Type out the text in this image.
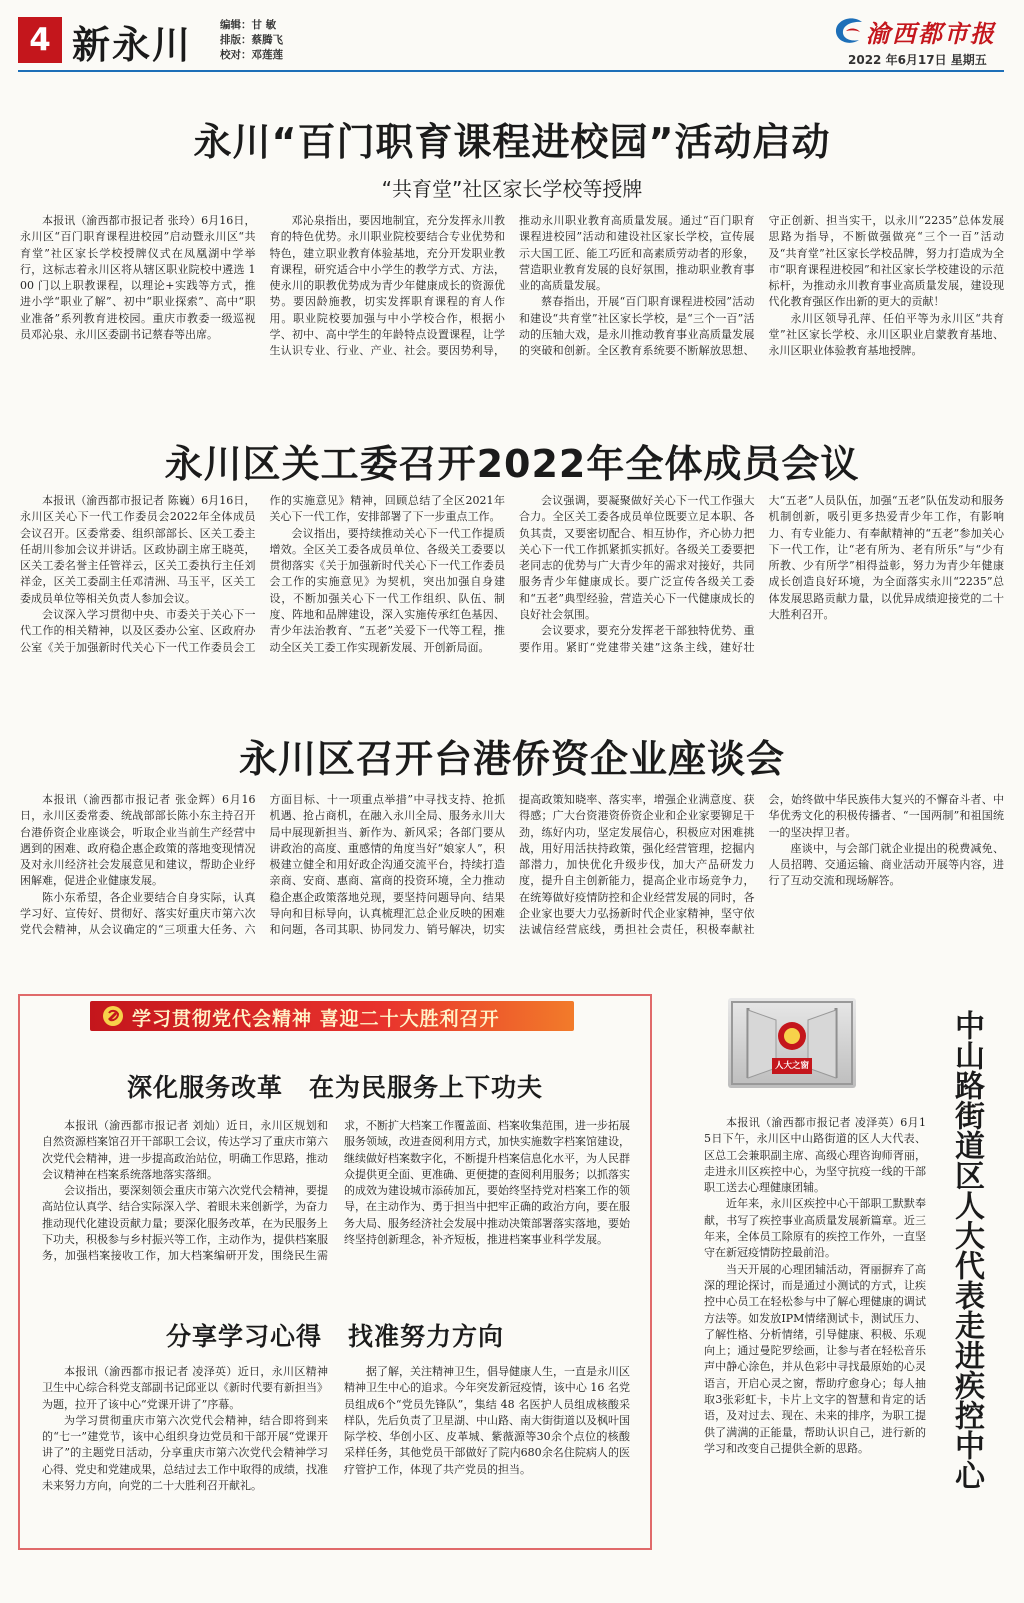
4 新永川	编辑：甘 敏
排版：蔡腾飞
校对：邓莲莲
渝西都市报
2022 年6月17日 星期五
永川“百门职育课程进校园”活动启动
“共育堂”社区家长学校等授牌

本报讯（渝西都市报记者 张玲）6月16日，永川区“百门职育课程进校园”启动暨永川区“共育堂”社区家长学校授牌仪式在凤凰湖中学举行，这标志着永川区将从辖区职业院校中遴选 100 门以上职教课程，以理论+实践等方式，推进小学“职业了解”、初中“职业探索”、高中“职业准备”系列教育进校园。重庆市教委一级巡视员邓沁泉、永川区委副书记蔡春等出席。

邓沁泉指出，要因地制宜，充分发挥永川教育的特色优势。永川职业院校要结合专业优势和特色，建立职业教育体验基地，充分开发职业教育课程，研究适合中小学生的教学方式、方法，使永川的职教优势成为青少年健康成长的资源优势。要因龄施教，切实发挥职育课程的育人作用。职业院校要加强与中小学校合作，根据小学、初中、高中学生的年龄特点设置课程，让学生认识专业、行业、产业、社会。要因势利导，推动永川职业教育高质量发展。通过“百门职育课程进校园”活动和建设社区家长学校，宣传展示大国工匠、能工巧匠和高素质劳动者的形象，营造职业教育发展的良好氛围，推动职业教育事业的高质量发展。

蔡春指出，开展“百门职育课程进校园”活动和建设“共育堂”社区家长学校，是“三个一百”活动的压轴大戏，是永川推动教育事业高质量发展的突破和创新。全区教育系统要不断解放思想、守正创新、担当实干，以永川“2235”总体发展思路为指导，不断做强做亮“三个一百”活动及“共育堂”社区家长学校品牌，努力打造成为全市“职育课程进校园”和社区家长学校建设的示范标杆，为推动永川教育事业高质量发展，建设现代化教育强区作出新的更大的贡献！

永川区领导孔萍、任伯平等为永川区“共育堂”社区家长学校、永川区职业启蒙教育基地、永川区职业体验教育基地授牌。

永川区关工委召开2022年全体成员会议

本报讯（渝西都市报记者 陈巍）6月16日，永川区关心下一代工作委员会2022年全体成员会议召开。区委常委、组织部部长、区关工委主任胡川参加会议并讲话。区政协副主席王晓英，区关工委名誉主任管祥云，区关工委执行主任刘祥金，区关工委副主任邓清洲、马玉平，区关工委成员单位等相关负责人参加会议。

会议深入学习贯彻中央、市委关于关心下一代工作的相关精神，以及区委办公室、区政府办公室《关于加强新时代关心下一代工作委员会工作的实施意见》精神，回顾总结了全区2021年关心下一代工作，安排部署了下一步重点工作。

会议指出，要持续推动关心下一代工作提质增效。全区关工委各成员单位、各级关工委要以贯彻落实《关于加强新时代关心下一代工作委员会工作的实施意见》为契机，突出加强自身建设，不断加强关心下一代工作组织、队伍、制度、阵地和品牌建设，深入实施传承红色基因、青少年法治教育、“五老”关爱下一代等工程，推动全区关工委工作实现新发展、开创新局面。

会议强调，要凝聚做好关心下一代工作强大合力。全区关工委各成员单位既要立足本职、各负其责，又要密切配合、相互协作，齐心协力把关心下一代工作抓紧抓实抓好。各级关工委要把老同志的优势与广大青少年的需求对接好，共同服务青少年健康成长。要广泛宣传各级关工委和“五老”典型经验，营造关心下一代健康成长的良好社会氛围。

会议要求，要充分发挥老干部独特优势、重要作用。紧盯“党建带关建”这条主线，建好壮大“五老”人员队伍，加强“五老”队伍发动和服务机制创新，吸引更多热爱青少年工作，有影响力、有专业能力、有奉献精神的“五老”参加关心下一代工作，让“老有所为、老有所乐”与“少有所教、少有所学”相得益彰，努力为青少年健康成长创造良好环境，为全面落实永川“2235”总体发展思路贡献力量，以优异成绩迎接党的二十大胜利召开。

永川区召开台港侨资企业座谈会

本报讯（渝西都市报记者 张金辉）6月16日，永川区委常委、统战部部长陈小东主持召开台港侨资企业座谈会，听取企业当前生产经营中遇到的困难、政府稳企惠企政策的落地变现情况及对永川经济社会发展意见和建议，帮助企业纾困解难，促进企业健康发展。

陈小东希望，各企业要结合自身实际，认真学习好、宣传好、贯彻好、落实好重庆市第六次党代会精神，从会议确定的“三项重大任务、六方面目标、十一项重点举措”中寻找支持、抢抓机遇、抢占商机，在融入永川全局、服务永川大局中展现新担当、新作为、新风采；各部门要从讲政治的高度、重感情的角度当好“娘家人”，积极建立健全和用好政企沟通交流平台，持续打造亲商、安商、惠商、富商的投资环境，全力推动稳企惠企政策落地兑现，要坚持问题导向、结果导向和目标导向，认真梳理汇总企业反映的困难和问题，各司其职、协同发力、销号解决，切实提高政策知晓率、落实率，增强企业满意度、获得感；广大台资港资侨资企业和企业家要铆足干劲，练好内功，坚定发展信心，积极应对困难挑战，用好用活扶持政策，强化经营管理，挖掘内部潜力，加快优化升级步伐，加大产品研发力度，提升自主创新能力，提高企业市场竞争力，在统筹做好疫情防控和企业经营发展的同时，各企业家也要大力弘扬新时代企业家精神，坚守依法诚信经营底线，勇担社会责任，积极奉献社会，始终做中华民族伟大复兴的不懈奋斗者、中华优秀文化的积极传播者、“一国两制”和祖国统一的坚决捍卫者。

座谈中，与会部门就企业提出的税费减免、人员招聘、交通运输、商业活动开展等内容，进行了互动交流和现场解答。

学习贯彻党代会精神 喜迎二十大胜利召开
深化服务改革　在为民服务上下功夫

本报讯（渝西都市报记者 刘灿）近日，永川区规划和自然资源档案馆召开干部职工会议，传达学习了重庆市第六次党代会精神，进一步提高政治站位，明确工作思路，推动会议精神在档案系统落地落实落细。

会议指出，要深刻领会重庆市第六次党代会精神，要提高站位认真学、结合实际深入学、着眼未来创新学，为奋力推动现代化建设贡献力量；要深化服务改革，在为民服务上下功夫，积极参与乡村振兴等工作，主动作为，提供档案服务，加强档案接收工作，加大档案编研开发，围绕民生需求，不断扩大档案工作覆盖面、档案收集范围，进一步拓展服务领域，改进查阅利用方式，加快实施数字档案馆建设，继续做好档案数字化，不断提升档案信息化水平，为人民群众提供更全面、更准确、更便捷的查阅利用服务；以抓落实的成效为建设城市添砖加瓦，要始终坚持党对档案工作的领导，在主动作为、勇于担当中把牢正确的政治方向，要在服务大局、服务经济社会发展中推动决策部署落实落地，要始终坚持创新理念，补齐短板，推进档案事业科学发展。

分享学习心得　找准努力方向

本报讯（渝西都市报记者 凌泽英）近日，永川区精神卫生中心综合科党支部副书记邱亚以《新时代要有新担当》为题，拉开了该中心“党课开讲了”序幕。

为学习贯彻重庆市第六次党代会精神，结合即将到来的“七一”建党节，该中心组织身边党员和干部开展“党课开讲了”的主题党日活动，分享重庆市第六次党代会精神学习心得、党史和党建成果，总结过去工作中取得的成绩，找准未来努力方向，向党的二十大胜利召开献礼。

据了解，关注精神卫生，倡导健康人生，一直是永川区精神卫生中心的追求。今年突发新冠疫情，该中心 16 名党员组成6个“党员先锋队”，集结 48 名医护人员组成核酸采样队，先后负责了卫星湖、中山路、南大街街道以及枫叶国际学校、华创小区、皮革城、紫薇源等30余个点位的核酸采样任务，其他党员干部做好了院内680余名住院病人的医疗管护工作，体现了共产党员的担当。

人大之窗

本报讯（渝西都市报记者 凌泽英）6月15日下午，永川区中山路街道的区人大代表、区总工会兼职副主席、高级心理咨询师胥丽，走进永川区疾控中心，为坚守抗疫一线的干部职工送去心理健康团辅。

近年来，永川区疾控中心干部职工默默奉献，书写了疾控事业高质量发展新篇章。近三年来，全体员工除原有的疾控工作外，一直坚守在新冠疫情防控最前沿。

当天开展的心理团辅活动，胥丽摒弃了高深的理论探讨，而是通过小测试的方式，让疾控中心员工在轻松参与中了解心理健康的调试方法等。如发放IPM情绪测试卡，测试压力、了解性格、分析情绪，引导健康、积极、乐观向上；通过曼陀罗绘画，让参与者在轻松音乐声中静心涂色，并从色彩中寻找最原始的心灵语言，开启心灵之窗，帮助疗愈身心；每人抽取3张彩虹卡，卡片上文字的智慧和肯定的话语，及对过去、现在、未来的排序，为职工提供了满满的正能量，帮助认识自己，进行新的学习和改变自己提供全新的思路。	中山路街道区人大代表走进疾控中心
